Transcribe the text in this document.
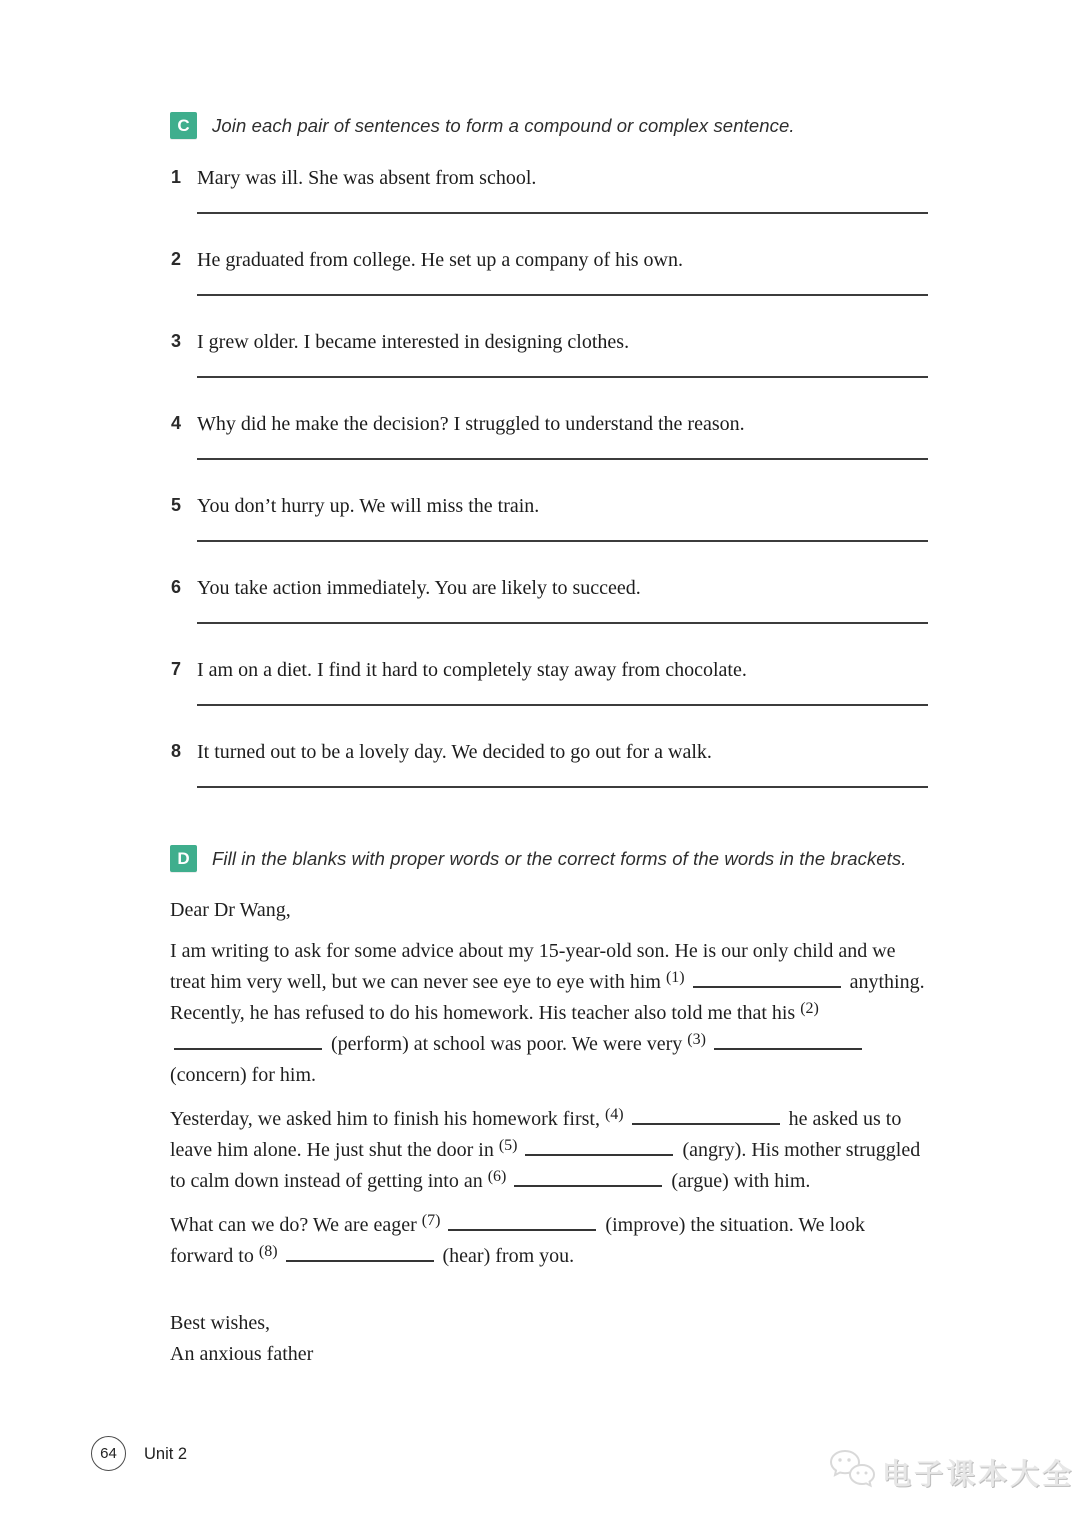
C	Join each pair of sentences to form a compound or complex sentence.
1 Mary was ill. She was absent from school.
2 He graduated from college. He set up a company of his own.
3 I grew older. I became interested in designing clothes.
4 Why did he make the decision? I struggled to understand the reason.
5 You don’t hurry up. We will miss the train.
6 You take action immediately. You are likely to succeed.
7 I am on a diet. I find it hard to completely stay away from chocolate.
8 It turned out to be a lovely day. We decided to go out for a walk.
D	Fill in the blanks with proper words or the correct forms of the words in the brackets.
Dear Dr Wang,
I am writing to ask for some advice about my 15-year-old son. He is our only child and we treat him very well, but we can never see eye to eye with him $^{(1)}$	anything. Recently, he has refused to do his homework. His teacher also told me that his $^{(2)}$ (perform) at school was poor. We were very $^{(3)}$ (concern) for him.
Yesterday, we asked him to finish his homework first, $^{(4)}$	he asked us to leave him alone. He just shut the door in $^{(5)}$	(angry). His mother struggled to calm down instead of getting into an $^{(6)}$	(argue) with him.
What can we do? We are eager $^{(7)}$	(improve) the situation. We look forward to $^{(8)}$	(hear) from you.
Best wishes,
An anxious father
64 Unit 2
电子课本大全
